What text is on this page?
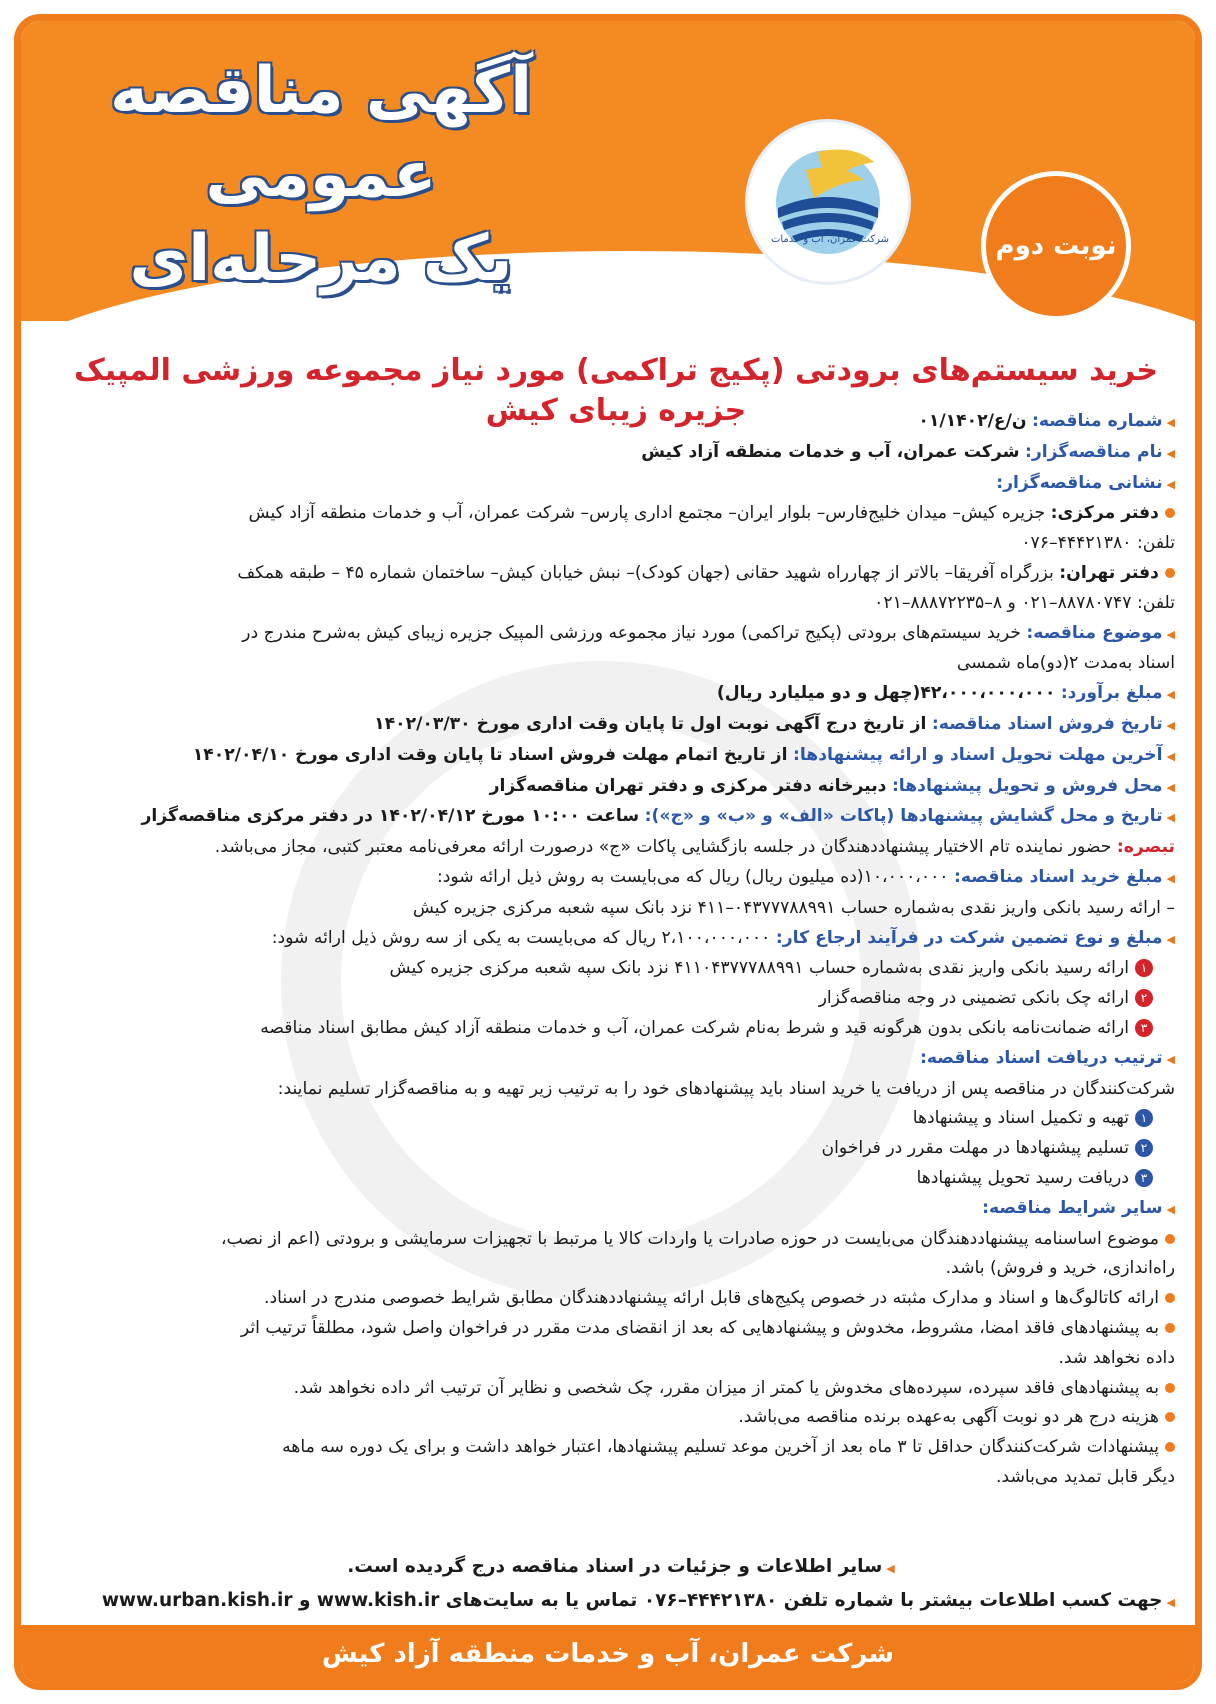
آگهی مناقصه عمومی
یک مرحله‌ای	شرکت عمران، آب و خدمات	نوبت دوم
خرید سیستم‌های برودتی (پکیج تراکمی) مورد نیاز مجموعه ورزشی المپیک جزیره زیبای کیش	◀شماره مناقصه: ن/ع/۰۱/۱۴۰۲
◀نام مناقصه‌گزار: شرکت عمران، آب و خدمات منطقه آزاد کیش
◀نشانی مناقصه‌گزار:
دفتر مرکزی: جزیره کیش– میدان خلیج‌فارس– بلوار ایران– مجتمع اداری پارس– شرکت عمران، آب و خدمات منطقه آزاد کیش
تلفن: ۴۴۴۲۱۳۸۰–۰۷۶
دفتر تهران: بزرگراه آفریقا– بالاتر از چهارراه شهید حقانی (جهان کودک)– نبش خیابان کیش– ساختمان شماره ۴۵ – طبقه همکف
تلفن: ۸۸۷۸۰۷۴۷–۰۲۱ و ۸–۸۸۸۷۲۲۳۵–۰۲۱
◀موضوع مناقصه: خرید سیستم‌های برودتی (پکیج تراکمی) مورد نیاز مجموعه ورزشی المپیک جزیره زیبای کیش به‌شرح مندرج در
اسناد به‌مدت ۲(دو)ماه شمسی
◀مبلغ برآورد: ۴۲،۰۰۰،۰۰۰،۰۰۰(چهل و دو میلیارد ریال)
◀تاریخ فروش اسناد مناقصه: از تاریخ درج آگهی نوبت اول تا پایان وقت اداری مورخ ۱۴۰۲/۰۳/۳۰
◀آخرین مهلت تحویل اسناد و ارائه پیشنهادها: از تاریخ اتمام مهلت فروش اسناد تا پایان وقت اداری مورخ ۱۴۰۲/۰۴/۱۰
◀محل فروش و تحویل پیشنهادها: دبیرخانه دفتر مرکزی و دفتر تهران مناقصه‌گزار
◀تاریخ و محل گشایش پیشنهادها (پاکات «الف» و «ب» و «ج»): ساعت ۱۰:۰۰ مورخ ۱۴۰۲/۰۴/۱۲ در دفتر مرکزی مناقصه‌گزار
تبصره: حضور نماینده تام الاختیار پیشنهاددهندگان در جلسه بازگشایی پاکات «ج» درصورت ارائه معرفی‌نامه معتبر کتبی، مجاز می‌باشد.
◀مبلغ خرید اسناد مناقصه: ۱۰،۰۰۰،۰۰۰(ده میلیون ریال) ریال که می‌بایست به روش ذیل ارائه شود:
– ارائه رسید بانکی واریز نقدی به‌شماره حساب ۰۴۳۷۷۷۸۸۹۹۱–۴۱۱ نزد بانک سپه شعبه مرکزی جزیره کیش
◀مبلغ و نوع تضمین شرکت در فرآیند ارجاع کار: ۲،۱۰۰،۰۰۰،۰۰۰ ریال که می‌بایست به یکی از سه روش ذیل ارائه شود:
۱ارائه رسید بانکی واریز نقدی به‌شماره حساب ۴۱۱۰۴۳۷۷۷۸۸۹۹۱ نزد بانک سپه شعبه مرکزی جزیره کیش
۲ارائه چک بانکی تضمینی در وجه مناقصه‌گزار
۳ارائه ضمانت‌نامه بانکی بدون هرگونه قید و شرط به‌نام شرکت عمران، آب و خدمات منطقه آزاد کیش مطابق اسناد مناقصه
◀ترتیب دریافت اسناد مناقصه:
شرکت‌کنندگان در مناقصه پس از دریافت یا خرید اسناد باید پیشنهادهای خود را به ترتیب زیر تهیه و به مناقصه‌گزار تسلیم نمایند:
۱تهیه و تکمیل اسناد و پیشنهادها
۲تسلیم پیشنهادها در مهلت مقرر در فراخوان
۳دریافت رسید تحویل پیشنهادها
◀سایر شرایط مناقصه:
موضوع اساسنامه پیشنهاددهندگان می‌بایست در حوزه صادرات یا واردات کالا یا مرتبط با تجهیزات سرمایشی و برودتی (اعم از نصب،
راه‌اندازی، خرید و فروش) باشد.
ارائه کاتالوگ‌ها و اسناد و مدارک مثبته در خصوص پکیج‌های قابل ارائه پیشنهاددهندگان مطابق شرایط خصوصی مندرج در اسناد.
به پیشنهادهای فاقد امضا، مشروط، مخدوش و پیشنهادهایی که بعد از انقضای مدت مقرر در فراخوان واصل شود، مطلقاً ترتیب اثر
داده نخواهد شد.
به پیشنهادهای فاقد سپرده، سپرده‌های مخدوش یا کمتر از میزان مقرر، چک شخصی و نظایر آن ترتیب اثر داده نخواهد شد.
هزینه درج هر دو نوبت آگهی به‌عهده برنده مناقصه می‌باشد.
پیشنهادات شرکت‌کنندگان حداقل تا ۳ ماه بعد از آخرین موعد تسلیم پیشنهادها، اعتبار خواهد داشت و برای یک دوره سه ماهه
دیگر قابل تمدید می‌باشد.
◀سایر اطلاعات و جزئیات در اسناد مناقصه درج گردیده است.
◀جهت کسب اطلاعات بیشتر با شماره تلفن ۴۴۴۲۱۳۸۰–۰۷۶ تماس یا به سایت‌های www.kish.ir و www.urban.kish.ir
شرکت عمران، آب و خدمات منطقه آزاد کیش
